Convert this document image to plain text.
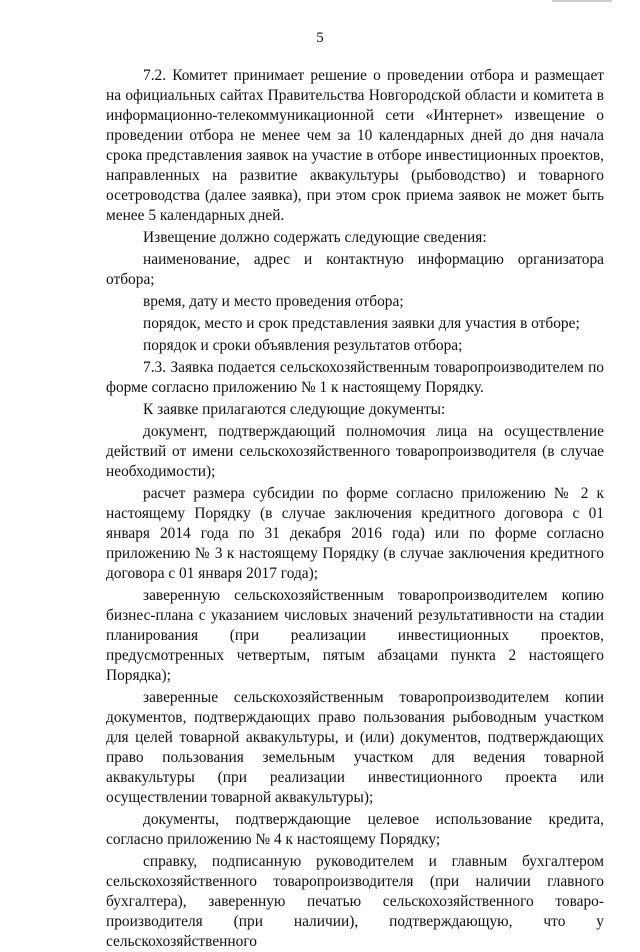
5

7.2. Комитет принимает решение о проведении отбора и размещает на официальных сайтах Правительства Новгородской области и комитета в информационно-телекоммуникационной сети «Интернет» извещение о проведении отбора не менее чем за 10 календарных дней до дня начала срока представления заявок на участие в отборе инвестиционных проектов, направленных на развитие аквакультуры (рыбоводство) и товарного осетроводства (далее заявка), при этом срок приема заявок не может быть менее 5 календарных дней.

Извещение должно содержать следующие сведения:

наименование, адрес и контактную информацию организатора отбора;

время, дату и место проведения отбора;

порядок, место и срок представления заявки для участия в отборе;

порядок и сроки объявления результатов отбора;

7.3. Заявка подается сельскохозяйственным товаропроизводителем по форме согласно приложению № 1 к настоящему Порядку.

К заявке прилагаются следующие документы:

документ, подтверждающий полномочия лица на осуществление действий от имени сельскохозяйственного товаропроизводителя (в случае необходимости);

расчет размера субсидии по форме согласно приложению № 2 к настоящему Порядку (в случае заключения кредитного договора с 01 января 2014 года по 31 декабря 2016 года) или по форме согласно приложению № 3 к настоящему Порядку (в случае заключения кредитного договора с 01 января 2017 года);

заверенную сельскохозяйственным товаропроизводителем копию бизнес-плана с указанием числовых значений результативности на стадии планирования (при реализации инвестиционных проектов, предусмотренных четвертым, пятым абзацами пункта 2 настоящего Порядка);

заверенные сельскохозяйственным товаропроизводителем копии документов, подтверждающих право пользования рыбоводным участком для целей товарной аквакультуры, и (или) документов, подтверждающих право пользования земельным участком для ведения товарной аквакультуры (при реализации инвестиционного проекта или осуществлении товарной аквакультуры);

документы, подтверждающие целевое использование кредита, согласно приложению № 4 к настоящему Порядку;

справку, подписанную руководителем и главным бухгалтером сельскохозяйственного товаропроизводителя (при наличии главного бухгалтера), заверенную печатью сельскохозяйственного товаро-производителя (при наличии), подтверждающую, что у сельскохозяйственного
